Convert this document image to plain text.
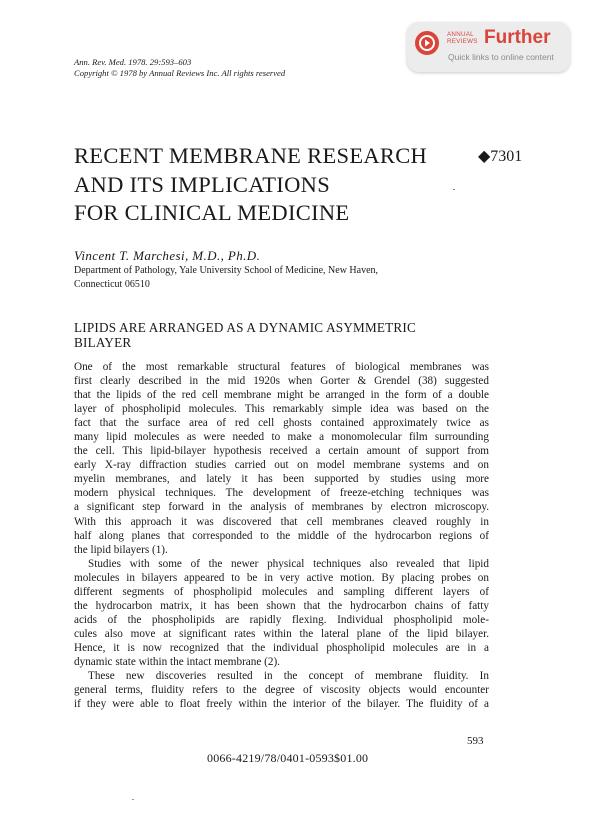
Ann. Rev. Med. 1978. 29:593–603
Copyright © 1978 by Annual Reviews Inc. All rights reserved
ANNUAL
REVIEWS Further
Quick links to online content
RECENT MEMBRANE RESEARCH
AND ITS IMPLICATIONS
FOR CLINICAL MEDICINE
◆7301
Vincent T. Marchesi, M.D., Ph.D.
Department of Pathology, Yale University School of Medicine, New Haven,
Connecticut 06510
LIPIDS ARE ARRANGED AS A DYNAMIC ASYMMETRIC
BILAYER
One of the most remarkable structural features of biological membranes was
first clearly described in the mid 1920s when Gorter & Grendel (38) suggested
that the lipids of the red cell membrane might be arranged in the form of a double
layer of phospholipid molecules. This remarkably simple idea was based on the
fact that the surface area of red cell ghosts contained approximately twice as
many lipid molecules as were needed to make a monomolecular film surrounding
the cell. This lipid-bilayer hypothesis received a certain amount of support from
early X-ray diffraction studies carried out on model membrane systems and on
myelin membranes, and lately it has been supported by studies using more
modern physical techniques. The development of freeze-etching techniques was
a significant step forward in the analysis of membranes by electron microscopy.
With this approach it was discovered that cell membranes cleaved roughly in
half along planes that corresponded to the middle of the hydrocarbon regions of
the lipid bilayers (1).
Studies with some of the newer physical techniques also revealed that lipid
molecules in bilayers appeared to be in very active motion. By placing probes on
different segments of phospholipid molecules and sampling different layers of
the hydrocarbon matrix, it has been shown that the hydrocarbon chains of fatty
acids of the phospholipids are rapidly flexing. Individual phospholipid mole-
cules also move at significant rates within the lateral plane of the lipid bilayer.
Hence, it is now recognized that the individual phospholipid molecules are in a
dynamic state within the intact membrane (2).
These new discoveries resulted in the concept of membrane fluidity. In
general terms, fluidity refers to the degree of viscosity objects would encounter
if they were able to float freely within the interior of the bilayer. The fluidity of a
593
0066-4219/78/0401-0593$01.00
